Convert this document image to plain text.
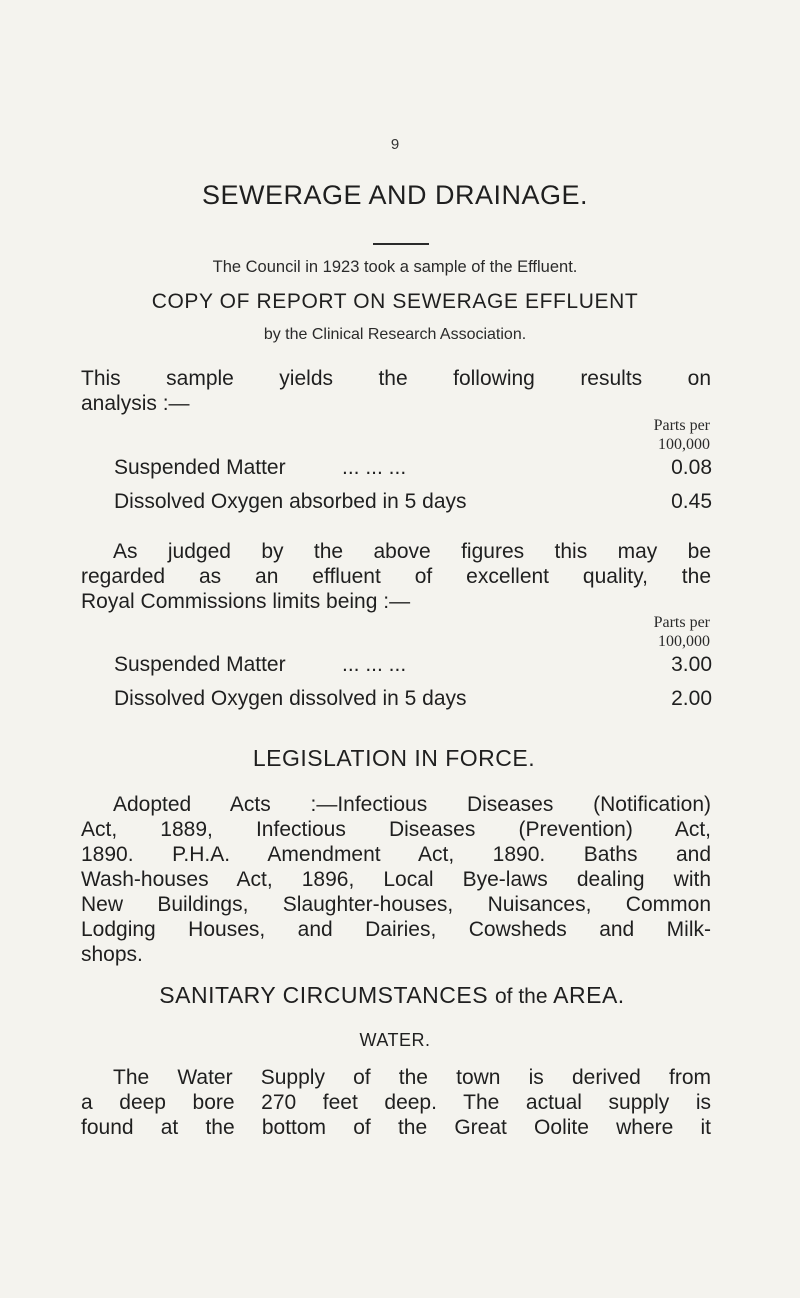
9
SEWERAGE AND DRAINAGE.
The Council in 1923 took a sample of the Effluent.
COPY OF REPORT ON SEWERAGE EFFLUENT
by the Clinical Research Association.
This sample yields the following results on
analysis :—
Parts per
100,000
Suspended Matter	... ... ...	0.08
Dissolved Oxygen absorbed in 5 days	0.45
As judged by the above figures this may be
regarded as an effluent of excellent quality, the
Royal Commissions limits being :—
Parts per
100,000
Suspended Matter	... ... ...	3.00
Dissolved Oxygen dissolved in 5 days	2.00
LEGISLATION IN FORCE.
Adopted Acts :—Infectious Diseases (Notification)
Act, 1889, Infectious Diseases (Prevention) Act,
1890. P.H.A. Amendment Act, 1890. Baths and
Wash-houses Act, 1896, Local Bye-laws dealing with
New Buildings, Slaughter-houses, Nuisances, Common
Lodging Houses, and Dairies, Cowsheds and Milk-
shops.
SANITARY CIRCUMSTANCES of the AREA.
WATER.
The Water Supply of the town is derived from
a deep bore 270 feet deep. The actual supply is
found at the bottom of the Great Oolite where it
